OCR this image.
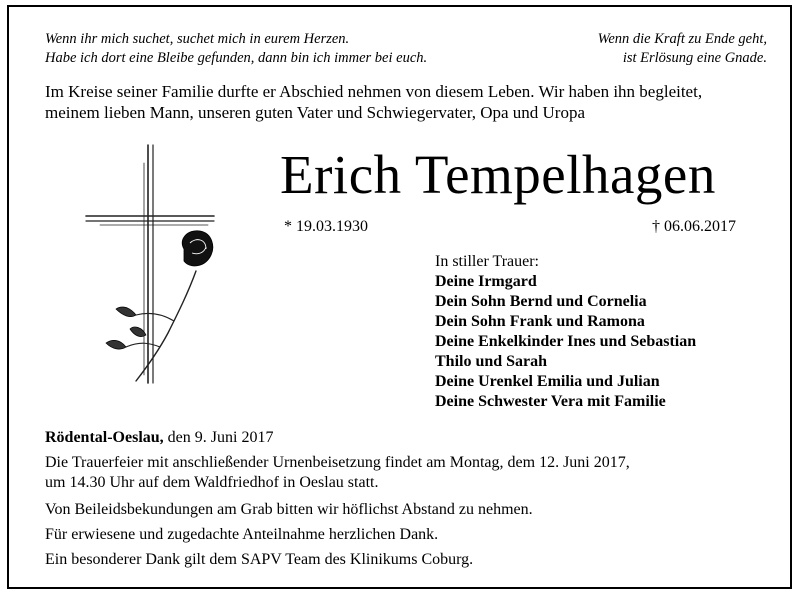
Wenn ihr mich suchet, suchet mich in eurem Herzen.
Habe ich dort eine Bleibe gefunden, dann bin ich immer bei euch.
Wenn die Kraft zu Ende geht,
ist Erlösung eine Gnade.
Im Kreise seiner Familie durfte er Abschied nehmen von diesem Leben. Wir haben ihn begleitet,
meinem lieben Mann, unseren guten Vater und Schwiegervater, Opa und Uropa
Erich Tempelhagen
* 19.03.1930	† 06.06.2017
In stiller Trauer:
Deine Irmgard
Dein Sohn Bernd und Cornelia
Dein Sohn Frank und Ramona
Deine Enkelkinder Ines und Sebastian
Thilo und Sarah
Deine Urenkel Emilia und Julian
Deine Schwester Vera mit Familie
Rödental-Oeslau, den 9. Juni 2017
Die Trauerfeier mit anschließender Urnenbeisetzung findet am Montag, dem 12. Juni 2017,
um 14.30 Uhr auf dem Waldfriedhof in Oeslau statt.
Von Beileidsbekundungen am Grab bitten wir höflichst Abstand zu nehmen.
Für erwiesene und zugedachte Anteilnahme herzlichen Dank.
Ein besonderer Dank gilt dem SAPV Team des Klinikums Coburg.
